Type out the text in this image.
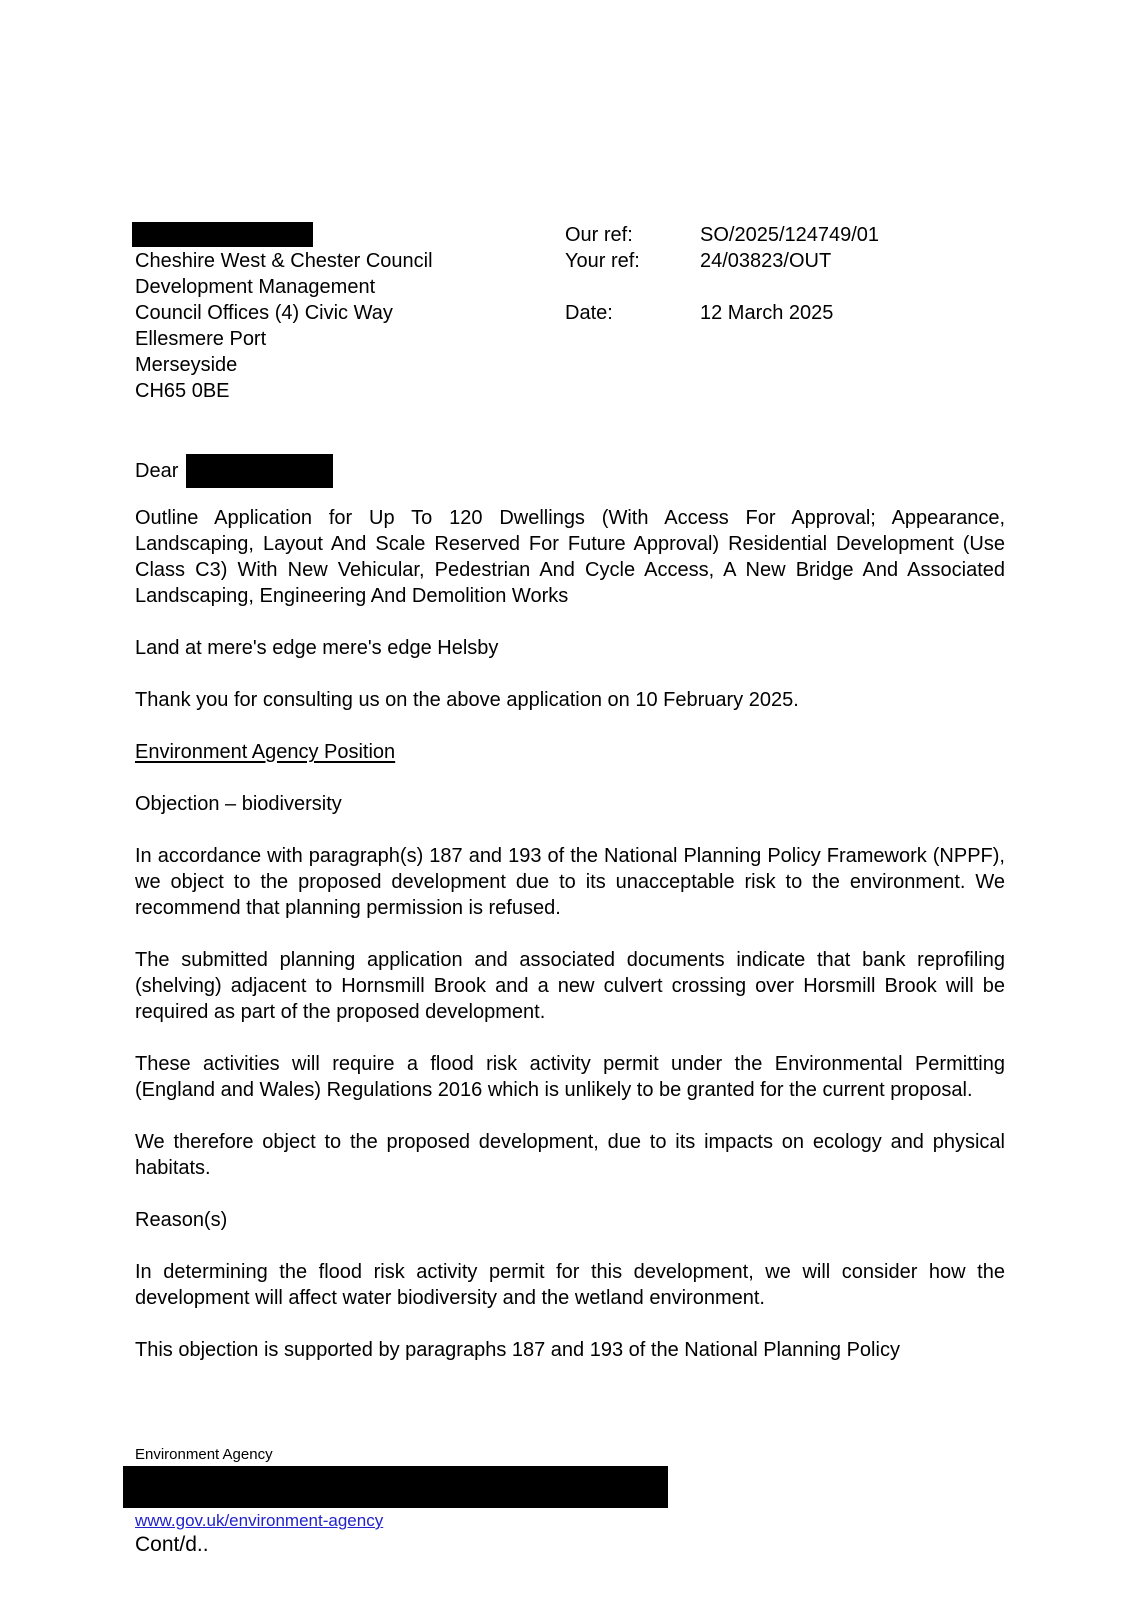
Cheshire West & Chester Council
Development Management
Council Offices (4) Civic Way
Ellesmere Port
Merseyside
CH65 0BE
Our ref:	SO/2025/124749/01
Your ref:	24/03823/OUT
Date:	12 March 2025
Dear

Outline Application for Up To 120 Dwellings (With Access For Approval; Appearance, Landscaping, Layout And Scale Reserved For Future Approval) Residential Development (Use Class C3) With New Vehicular, Pedestrian And Cycle Access, A New Bridge And Associated Landscaping, Engineering And Demolition Works

Land at mere's edge mere's edge Helsby

Thank you for consulting us on the above application on 10 February 2025.

Environment Agency Position

Objection – biodiversity

In accordance with paragraph(s) 187 and 193 of the National Planning Policy Framework (NPPF), we object to the proposed development due to its unacceptable risk to the environment. We recommend that planning permission is refused.

The submitted planning application and associated documents indicate that bank reprofiling (shelving) adjacent to Hornsmill Brook and a new culvert crossing over Horsmill Brook will be required as part of the proposed development.

These activities will require a flood risk activity permit under the Environmental Permitting (England and Wales) Regulations 2016 which is unlikely to be granted for the current proposal.

We therefore object to the proposed development, due to its impacts on ecology and physical habitats.

Reason(s)

In determining the flood risk activity permit for this development, we will consider how the development will affect water biodiversity and the wetland environment.

This objection is supported by paragraphs 187 and 193 of the National Planning Policy

Environment Agency
www.gov.uk/environment-agency
Cont/d..
